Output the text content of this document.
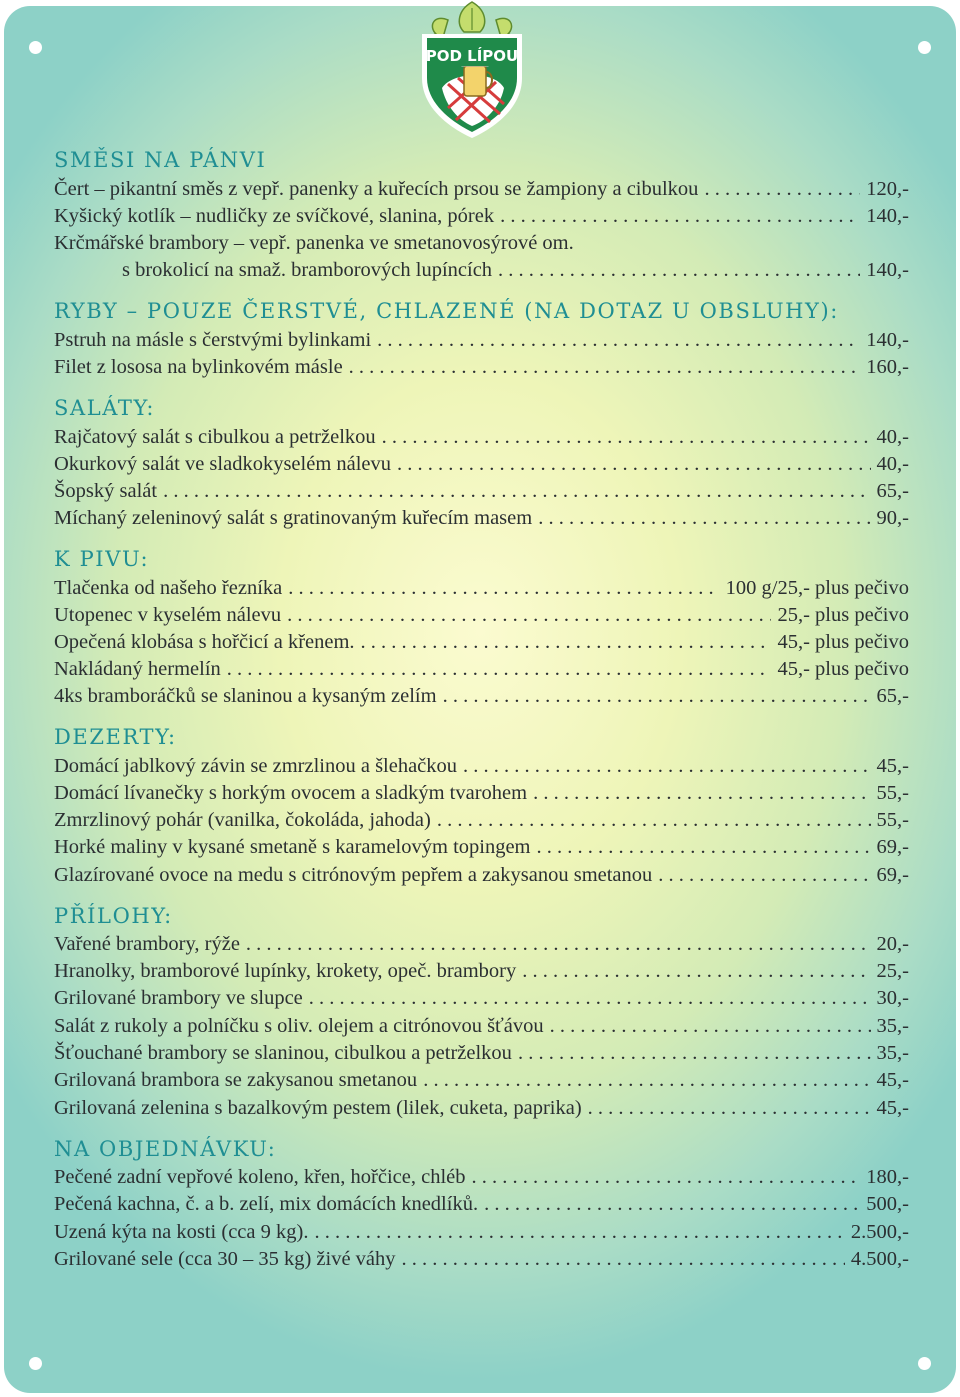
POD LÍPOU
SMĚSI NA PÁNVI
Čert – pikantní směs z vepř. panenky a kuřecích prsou se žampiony a cibulkou . . .	120,-
Kyšický kotlík – nudličky ze svíčkové, slanina, pórek . . .	140,-
Krčmářské brambory – vepř. panenka ve smetanovosýrové om.
s brokolicí na smaž. bramborových lupíncích . . .	140,-
RYBY – POUZE ČERSTVÉ, CHLAZENÉ (NA DOTAZ U OBSLUHY):
Pstruh na másle s čerstvými bylinkami . . .	140,-
Filet z lososa na bylinkovém másle . . .	160,-
SALÁTY:
Rajčatový salát s cibulkou a petrželkou . . .	40,-
Okurkový salát ve sladkokyselém nálevu . . .	40,-
Šopský salát . . .	65,-
Míchaný zeleninový salát s gratinovaným kuřecím masem . . .	90,-
K PIVU:
Tlačenka od našeho řezníka . . .	100 g/25,- plus pečivo
Utopenec v kyselém nálevu . . .	25,- plus pečivo
Opečená klobása s hořčicí a křenem. . . .	45,- plus pečivo
Nakládaný hermelín . . .	45,- plus pečivo
4ks bramboráčků se slaninou a kysaným zelím . . .	65,-
DEZERTY:
Domácí jablkový závin se zmrzlinou a šlehačkou . . .	45,-
Domácí lívanečky s horkým ovocem a sladkým tvarohem . . .	55,-
Zmrzlinový pohár (vanilka, čokoláda, jahoda) . . .	55,-
Horké maliny v kysané smetaně s karamelovým topingem . . .	69,-
Glazírované ovoce na medu s citrónovým pepřem a zakysanou smetanou . . .	69,-
PŘÍLOHY:
Vařené brambory, rýže . . .	20,-
Hranolky, bramborové lupínky, krokety, opeč. brambory . . .	25,-
Grilované brambory ve slupce . . .	30,-
Salát z rukoly a polníčku s oliv. olejem a citrónovou šťávou . . .	35,-
Šťouchané brambory se slaninou, cibulkou a petrželkou . . .	35,-
Grilovaná brambora se zakysanou smetanou . . .	45,-
Grilovaná zelenina s bazalkovým pestem (lilek, cuketa, paprika) . . .	45,-
NA OBJEDNÁVKU:
Pečené zadní vepřové koleno, křen, hořčice, chléb . . .	180,-
Pečená kachna, č. a b. zelí, mix domácích knedlíků. . . .	500,-
Uzená kýta na kosti (cca 9 kg). . . .	2.500,-
Grilované sele (cca 30 – 35 kg) živé váhy . . .	4.500,-
